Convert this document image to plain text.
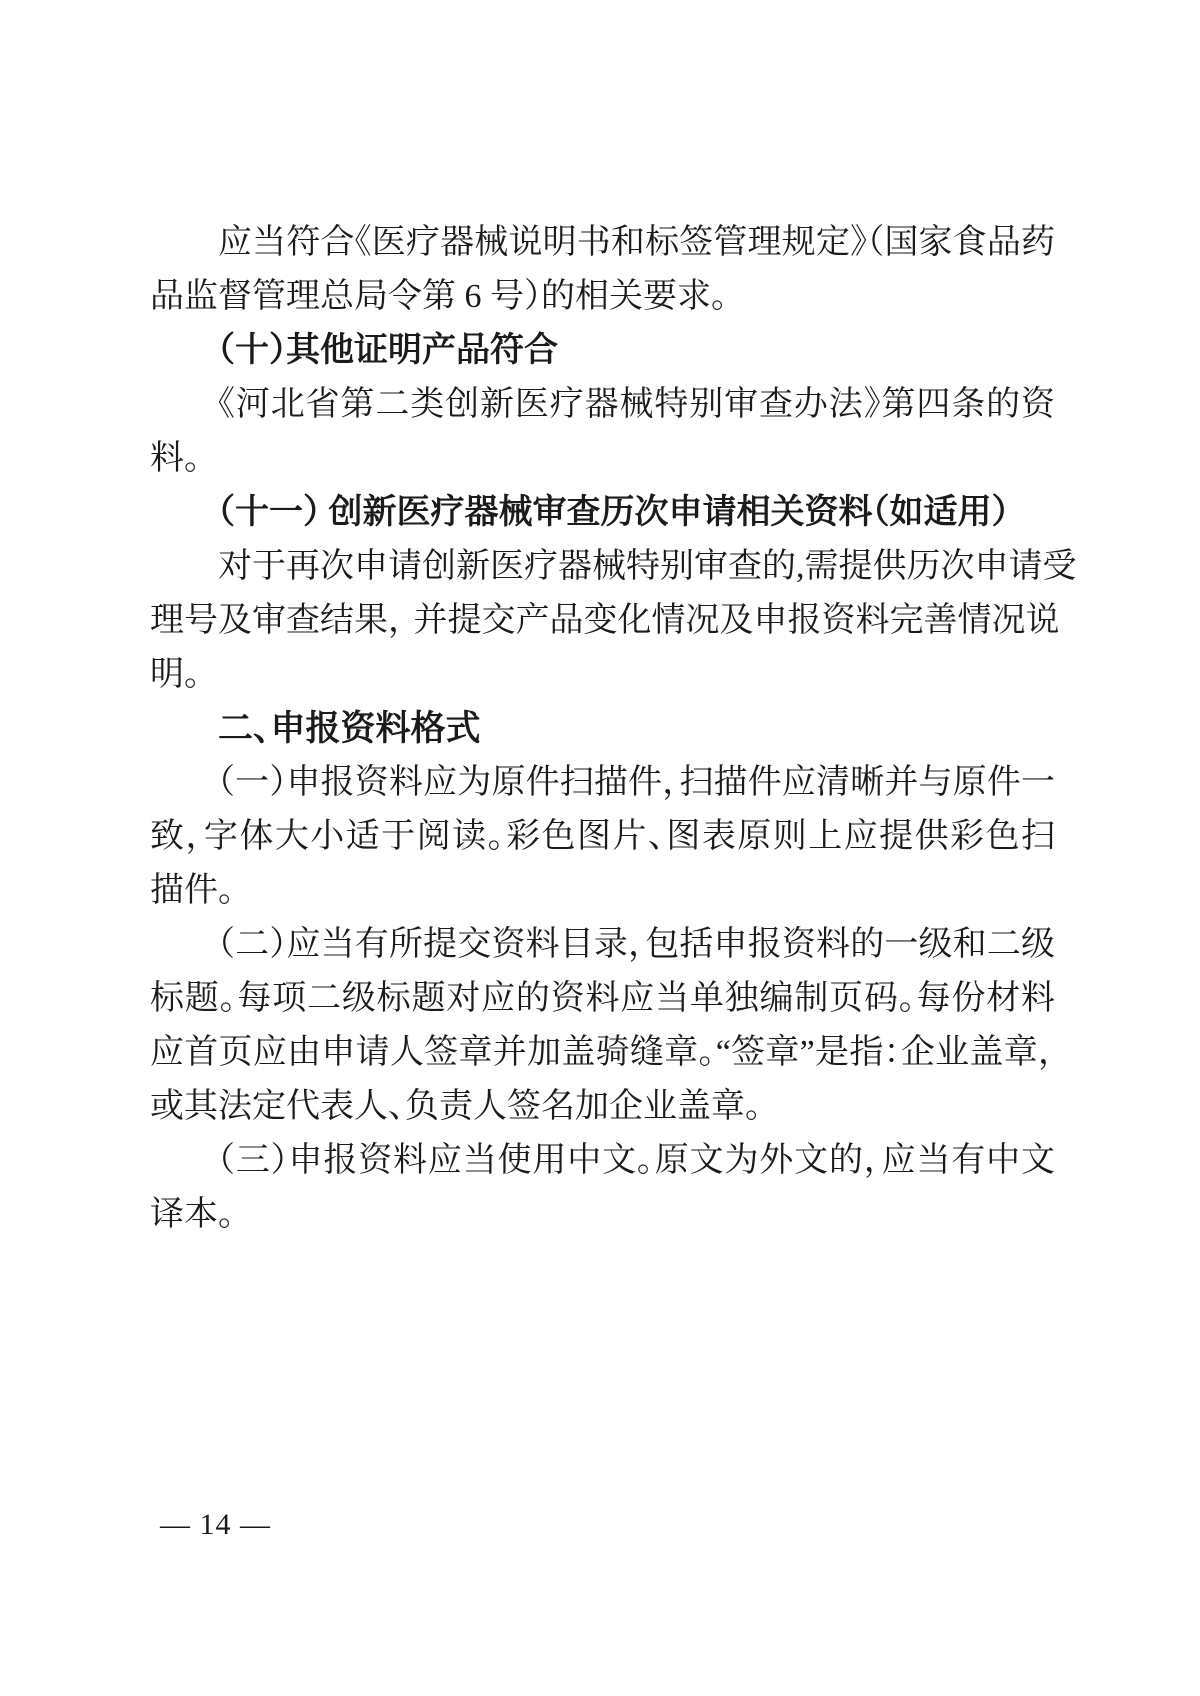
应当符合《医疗器械说明书和标签管理规定》（国家食品药
品监督管理总局令第 6 号）的相关要求。
（十）其他证明产品符合
《河北省第二类创新医疗器械特别审查办法》第四条的资
料。
（十一） 创新医疗器械审查历次申请相关资料（如适用）
对于再次申请创新医疗器械特别审查的,需提供历次申请受
理号及审查结果， 并提交产品变化情况及申报资料完善情况说
明。
二、申报资料格式
（一）申报资料应为原件扫描件，扫描件应清晰并与原件一
致，字体大小适于阅读。彩色图片、图表原则上应提供彩色扫
描件。
（二）应当有所提交资料目录，包括申报资料的一级和二级
标题。每项二级标题对应的资料应当单独编制页码。每份材料
应首页应由申请人签章并加盖骑缝章。“签章”是指：企业盖章，
或其法定代表人、负责人签名加企业盖章。
（三）申报资料应当使用中文。原文为外文的，应当有中文
译本。
— 14 —
